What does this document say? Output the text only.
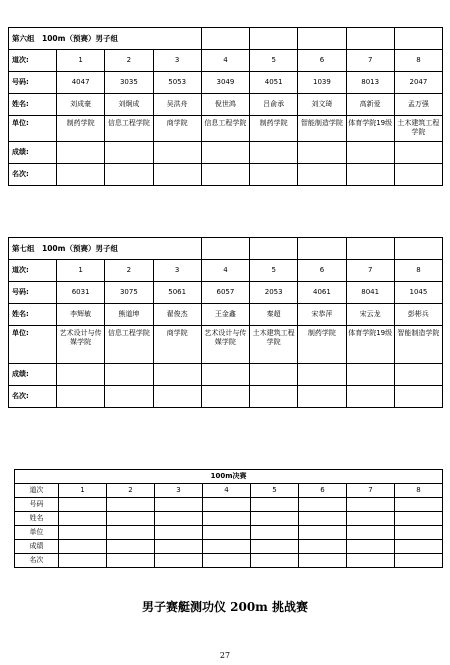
第六组　100m（预赛）男子组								
道次:	1	2	3	4	5	6	7	8
号码:	4047	3035	5053	3049	4051	1039	8013	2047
姓名:	刘成豪	刘炯成	吴洪舟	倪世鸿	吕俞承	刘文琦	高新爱	孟万强
单位:	制药学院	信息工程学院	商学院	信息工程学院	制药学院	智能制造学院	体育学院19级	土木建筑工程学院
成绩:								
名次:								
第七组　100m（预赛）男子组								
道次:	1	2	3	4	5	6	7	8
号码:	6031	3075	5061	6057	2053	4061	8041	1045
姓名:	李辉敏	熊道坤	翟俊杰	王金鑫	秦超	宋恭萍	宋云龙	彭彬兵
单位:	艺术设计与传媒学院	信息工程学院	商学院	艺术设计与传媒学院	土木建筑工程学院	制药学院	体育学院19级	智能制造学院
成绩:								
名次:								
100m决赛								
道次	1	2	3	4	5	6	7	8
号码								
姓名								
单位								
成绩								
名次								
男子赛艇测功仪 200m 挑战赛
27
